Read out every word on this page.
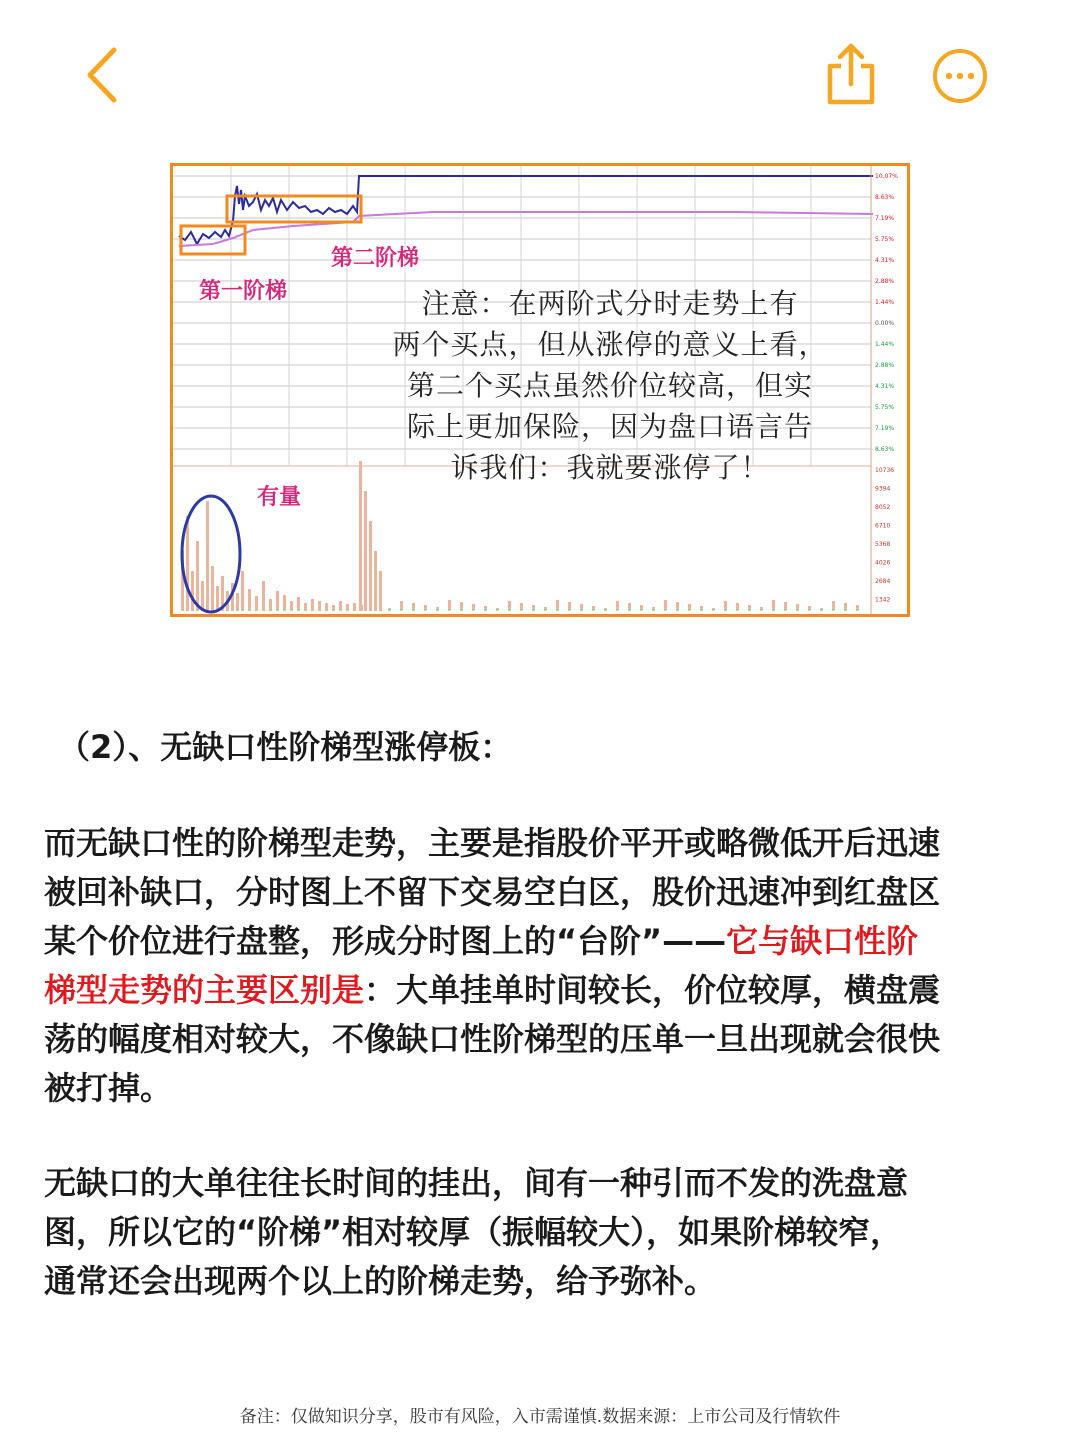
10.07%
8.63%
7.19%
5.75%
4.31%
2.88%
1.44%
0.00%
1.44%
2.88%
4.31%
5.75%
7.19%
8.63%
10736
9394
8052
6710
5368
4026
2684
1342
第二阶梯
第一阶梯
有量
注意：在两阶式分时走势上有
两个买点，但从涨停的意义上看，
第二个买点虽然价位较高，但实
际上更加保险，因为盘口语言告
诉我们：我就要涨停了！
（2）、无缺口性阶梯型涨停板：
而无缺口性的阶梯型走势，主要是指股价平开或略微低开后迅速
被回补缺口，分时图上不留下交易空白区，股价迅速冲到红盘区
某个价位进行盘整，形成分时图上的“台阶”——它与缺口性阶
梯型走势的主要区别是：大单挂单时间较长，价位较厚，横盘震
荡的幅度相对较大，不像缺口性阶梯型的压单一旦出现就会很快
被打掉。
无缺口的大单往往长时间的挂出，间有一种引而不发的洗盘意
图，所以它的“阶梯”相对较厚（振幅较大），如果阶梯较窄，
通常还会出现两个以上的阶梯走势，给予弥补。
备注：仅做知识分享，股市有风险，入市需谨慎.数据来源：上市公司及行情软件
